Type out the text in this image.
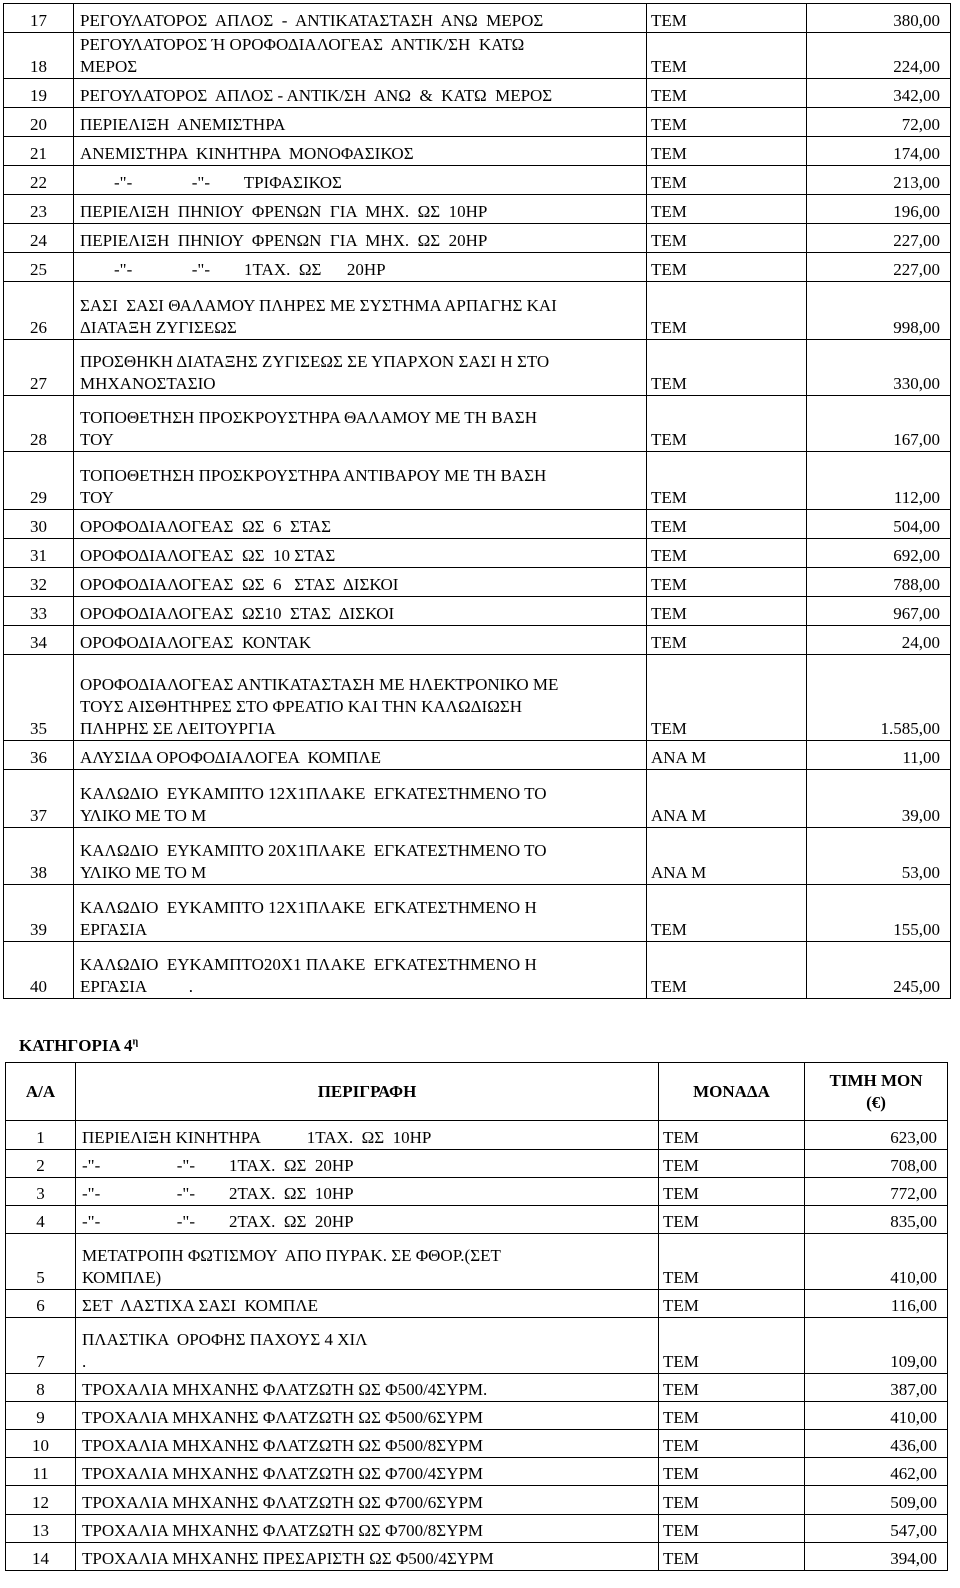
17	ΡΕΓΟΥΛΑΤΟΡΟΣ  ΑΠΛΟΣ  -  ΑΝΤΙΚΑΤΑΣΤΑΣΗ  ΑΝΩ  ΜΕΡΟΣ	ΤΕΜ	380,00
18	ΡΕΓΟΥΛΑΤΟΡΟΣ Ή ΟΡΟΦΟΔΙΑΛΟΓΕΑΣ  ΑΝΤΙΚ/ΣΗ  ΚΑΤΩ
ΜΕΡΟΣ	ΤΕΜ	224,00
19	ΡΕΓΟΥΛΑΤΟΡΟΣ  ΑΠΛΟΣ - ΑΝΤΙΚ/ΣΗ  ΑΝΩ  &  ΚΑΤΩ  ΜΕΡΟΣ	ΤΕΜ	342,00
20	ΠΕΡΙΕΛΙΞΗ  ΑΝΕΜΙΣΤΗΡΑ	ΤΕΜ	72,00
21	ΑΝΕΜΙΣΤΗΡΑ  ΚΙΝΗΤΗΡΑ  ΜΟΝΟΦΑΣΙΚΟΣ	ΤΕΜ	174,00
22	-"-              -"-        ΤΡΙΦΑΣΙΚΟΣ	ΤΕΜ	213,00
23	ΠΕΡΙΕΛΙΞΗ  ΠΗΝΙΟΥ  ΦΡΕΝΩΝ  ΓΙΑ  ΜΗΧ.  ΩΣ  10ΗΡ	ΤΕΜ	196,00
24	ΠΕΡΙΕΛΙΞΗ  ΠΗΝΙΟΥ  ΦΡΕΝΩΝ  ΓΙΑ  ΜΗΧ.  ΩΣ  20ΗΡ	ΤΕΜ	227,00
25	-"-              -"-        1ΤΑΧ.  ΩΣ      20ΗΡ	ΤΕΜ	227,00
26	ΣΑΣΙ  ΣΑΣΙ ΘΑΛΑΜΟΥ ΠΛΗΡΕΣ ΜΕ ΣΥΣΤΗΜΑ ΑΡΠΑΓΗΣ ΚΑΙ
ΔΙΑΤΑΞΗ ΖΥΓΙΣΕΩΣ	ΤΕΜ	998,00
27	ΠΡΟΣΘΗΚΗ ΔΙΑΤΑΞΗΣ ΖΥΓΙΣΕΩΣ ΣΕ ΥΠΑΡΧΟΝ ΣΑΣΙ Η ΣΤΟ
ΜΗΧΑΝΟΣΤΑΣΙΟ	ΤΕΜ	330,00
28	ΤΟΠΟΘΕΤΗΣΗ ΠΡΟΣΚΡΟΥΣΤΗΡΑ ΘΑΛΑΜΟΥ ΜΕ ΤΗ ΒΑΣΗ
ΤΟΥ	ΤΕΜ	167,00
29	ΤΟΠΟΘΕΤΗΣΗ ΠΡΟΣΚΡΟΥΣΤΗΡΑ ΑΝΤΙΒΑΡΟΥ ΜΕ ΤΗ ΒΑΣΗ
ΤΟΥ	ΤΕΜ	112,00
30	ΟΡΟΦΟΔΙΑΛΟΓΕΑΣ  ΩΣ  6  ΣΤΑΣ	ΤΕΜ	504,00
31	ΟΡΟΦΟΔΙΑΛΟΓΕΑΣ  ΩΣ  10 ΣΤΑΣ	ΤΕΜ	692,00
32	ΟΡΟΦΟΔΙΑΛΟΓΕΑΣ  ΩΣ  6   ΣΤΑΣ  ΔΙΣΚΟΙ	ΤΕΜ	788,00
33	ΟΡΟΦΟΔΙΑΛΟΓΕΑΣ  ΩΣ10  ΣΤΑΣ  ΔΙΣΚΟΙ	ΤΕΜ	967,00
34	ΟΡΟΦΟΔΙΑΛΟΓΕΑΣ  ΚΟΝΤΑΚ	ΤΕΜ	24,00
35	ΟΡΟΦΟΔΙΑΛΟΓΕΑΣ ΑΝΤΙΚΑΤΑΣΤΑΣΗ ΜΕ ΗΛΕΚΤΡΟΝΙΚΟ ΜΕ
ΤΟΥΣ ΑΙΣΘΗΤΗΡΕΣ ΣΤΟ ΦΡΕΑΤΙΟ ΚΑΙ ΤΗΝ ΚΑΛΩΔΙΩΣΗ
ΠΛΗΡΗΣ ΣΕ ΛΕΙΤΟΥΡΓΙΑ	ΤΕΜ	1.585,00
36	ΑΛΥΣΙΔΑ ΟΡΟΦΟΔΙΑΛΟΓΕΑ  ΚΟΜΠΛΕ	ΑΝΑ Μ	11,00
37	ΚΑΛΩΔΙΟ  ΕΥΚΑΜΠΤΟ 12Χ1ΠΛΑΚΕ  ΕΓΚΑΤΕΣΤΗΜΕΝΟ ΤΟ
ΥΛΙΚΟ ΜΕ ΤΟ Μ	ΑΝΑ Μ	39,00
38	ΚΑΛΩΔΙΟ  ΕΥΚΑΜΠΤΟ 20Χ1ΠΛΑΚΕ  ΕΓΚΑΤΕΣΤΗΜΕΝΟ ΤΟ
ΥΛΙΚΟ ΜΕ ΤΟ Μ	ΑΝΑ Μ	53,00
39	ΚΑΛΩΔΙΟ  ΕΥΚΑΜΠΤΟ 12Χ1ΠΛΑΚΕ  ΕΓΚΑΤΕΣΤΗΜΕΝΟ Η
ΕΡΓΑΣΙΑ	ΤΕΜ	155,00
40	ΚΑΛΩΔΙΟ  ΕΥΚΑΜΠΤΟ20Χ1 ΠΛΑΚΕ  ΕΓΚΑΤΕΣΤΗΜΕΝΟ Η
ΕΡΓΑΣΙΑ          .	ΤΕΜ	245,00
ΚΑΤΗΓΟΡΙΑ $4^\eta$
Α/Α	ΠΕΡΙΓΡΑΦΗ	ΜΟΝΑΔΑ	ΤΙΜΗ ΜΟΝ
(€)
1	ΠΕΡΙΕΛΙΞΗ ΚΙΝΗΤΗΡΑ           1ΤΑΧ.  ΩΣ  10ΗΡ	ΤΕΜ	623,00
2	-"-                  -"-        1ΤΑΧ.  ΩΣ  20ΗΡ	ΤΕΜ	708,00
3	-"-                  -"-        2ΤΑΧ.  ΩΣ  10ΗΡ	ΤΕΜ	772,00
4	-"-                  -"-        2ΤΑΧ.  ΩΣ  20ΗΡ	ΤΕΜ	835,00
5	ΜΕΤΑΤΡΟΠΗ ΦΩΤΙΣΜΟΥ  ΑΠΟ ΠΥΡΑΚ. ΣΕ ΦΘΟΡ.(ΣΕΤ
ΚΟΜΠΛΕ)	ΤΕΜ	410,00
6	ΣΕΤ  ΛΑΣΤΙΧΑ ΣΑΣΙ  ΚΟΜΠΛΕ	ΤΕΜ	116,00
7	ΠΛΑΣΤΙΚΑ  ΟΡΟΦΗΣ ΠΑΧΟΥΣ 4 ΧΙΛ
.	ΤΕΜ	109,00
8	ΤΡΟΧΑΛΙΑ ΜΗΧΑΝΗΣ ΦΛΑΤΖΩΤΗ ΩΣ Φ500/4ΣΥΡΜ.	ΤΕΜ	387,00
9	ΤΡΟΧΑΛΙΑ ΜΗΧΑΝΗΣ ΦΛΑΤΖΩΤΗ ΩΣ Φ500/6ΣΥΡΜ	ΤΕΜ	410,00
10	ΤΡΟΧΑΛΙΑ ΜΗΧΑΝΗΣ ΦΛΑΤΖΩΤΗ ΩΣ Φ500/8ΣΥΡΜ	ΤΕΜ	436,00
11	ΤΡΟΧΑΛΙΑ ΜΗΧΑΝΗΣ ΦΛΑΤΖΩΤΗ ΩΣ Φ700/4ΣΥΡΜ	ΤΕΜ	462,00
12	ΤΡΟΧΑΛΙΑ ΜΗΧΑΝΗΣ ΦΛΑΤΖΩΤΗ ΩΣ Φ700/6ΣΥΡΜ	ΤΕΜ	509,00
13	ΤΡΟΧΑΛΙΑ ΜΗΧΑΝΗΣ ΦΛΑΤΖΩΤΗ ΩΣ Φ700/8ΣΥΡΜ	ΤΕΜ	547,00
14	ΤΡΟΧΑΛΙΑ ΜΗΧΑΝΗΣ ΠΡΕΣΑΡΙΣΤΗ ΩΣ Φ500/4ΣΥΡΜ	ΤΕΜ	394,00
